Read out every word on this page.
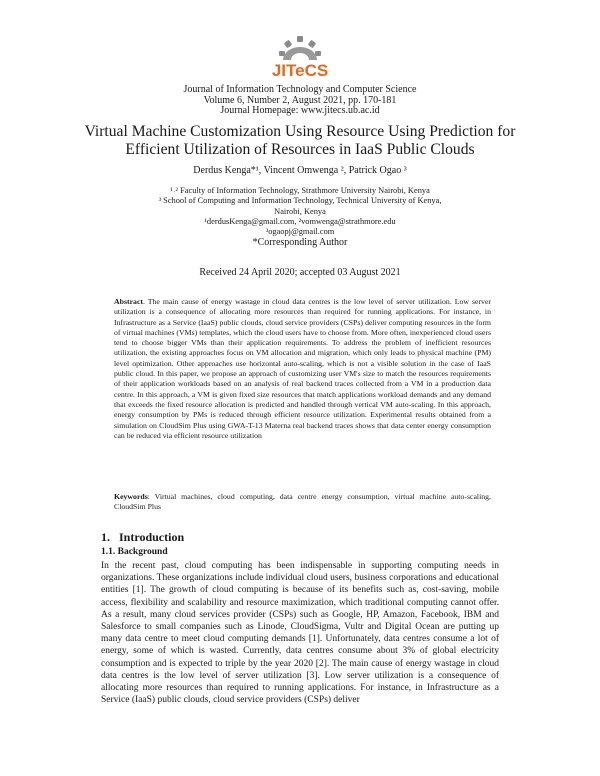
JITeCS
Journal of Information Technology and Computer Science
Volume 6, Number 2, August 2021, pp. 170-181
Journal Homepage: www.jitecs.ub.ac.id
Virtual Machine Customization Using Resource Using Prediction for Efficient Utilization of Resources in IaaS Public Clouds
Derdus Kenga*¹, Vincent Omwenga ², Patrick Ogao ³
¹˒² Faculty of Information Technology, Strathmore University Nairobi, Kenya
³ School of Computing and Information Technology, Technical University of Kenya,
Nairobi, Kenya
¹derdusKenga@gmail.com, ²vomwenga@strathmore.edu
³ogaopj@gmail.com
*Corresponding Author
Received 24 April 2020; accepted 03 August 2021
Abstract. The main cause of energy wastage in cloud data centres is the low level of server utilization. Low server utilization is a consequence of allocating more resources than required for running applications. For instance, in Infrastructure as a Service (IaaS) public clouds, cloud service providers (CSPs) deliver computing resources in the form of virtual machines (VMs) templates, which the cloud users have to choose from. More often, inexperienced cloud users tend to choose bigger VMs than their application requirements. To address the problem of inefficient resources utilization, the existing approaches focus on VM allocation and migration, which only leads to physical machine (PM) level optimization. Other approaches use horizontal auto-scaling, which is not a visible solution in the case of IaaS public cloud. In this paper, we propose an approach of customizing user VM's size to match the resources requirements of their application workloads based on an analysis of real backend traces collected from a VM in a production data centre. In this approach, a VM is given fixed size resources that match applications workload demands and any demand that exceeds the fixed resource allocation is predicted and handled through vertical VM auto-scaling. In this approach, energy consumption by PMs is reduced through efficient resource utilization. Experimental results obtained from a simulation on CloudSim Plus using GWA-T-13 Materna real backend traces shows that data center energy consumption can be reduced via efficient resource utilization
Keywords: Virtual machines, cloud computing, data centre energy consumption, virtual machine auto-scaling, CloudSim Plus
1. Introduction
1.1. Background
In the recent past, cloud computing has been indispensable in supporting computing needs in organizations. These organizations include individual cloud users, business corporations and educational entities [1]. The growth of cloud computing is because of its benefits such as, cost-saving, mobile access, flexibility and scalability and resource maximization, which traditional computing cannot offer. As a result, many cloud services provider (CSPs) such as Google, HP, Amazon, Facebook, IBM and Salesforce to small companies such as Linode, CloudSigma, Vultr and Digital Ocean are putting up many data centre to meet cloud computing demands [1]. Unfortunately, data centres consume a lot of energy, some of which is wasted. Currently, data centres consume about 3% of global electricity consumption and is expected to triple by the year 2020 [2]. The main cause of energy wastage in cloud data centres is the low level of server utilization [3]. Low server utilization is a consequence of allocating more resources than required to running applications. For instance, in Infrastructure as a Service (IaaS) public clouds, cloud service providers (CSPs) deliver
